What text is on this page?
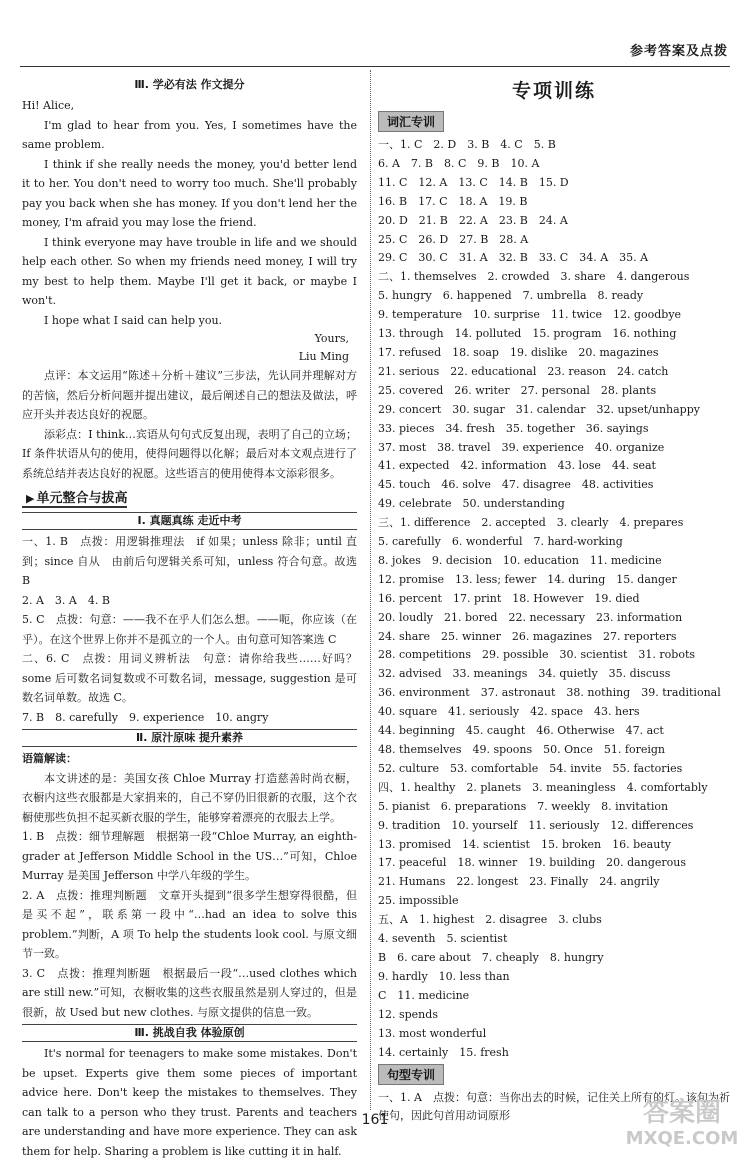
参考答案及点拨
Ⅲ. 学必有法 作文提分

Hi! Alice,

I'm glad to hear from you. Yes, I sometimes have the same problem.

I think if she really needs the money, you'd better lend it to her. You don't need to worry too much. She'll probably pay you back when she has money. If you don't lend her the money, I'm afraid you may lose the friend.

I think everyone may have trouble in life and we should help each other. So when my friends need money, I will try my best to help them. Maybe I'll get it back, or maybe I won't.

I hope what I said can help you.

Yours,

Liu Ming

点评：本文运用“陈述＋分析＋建议”三步法，先认同并理解对方的苦恼，然后分析问题并提出建议，最后阐述自己的想法及做法，呼应开头并表达良好的祝愿。

添彩点：I think…宾语从句句式反复出现，表明了自己的立场；If 条件状语从句的使用，使得问题得以化解；最后对本文观点进行了系统总结并表达良好的祝愿。这些语言的使用使得本文添彩很多。

▶ 单元整合与拔高 Ⅰ. 真题真练 走近中考

一、1. B　点拨：用逻辑推理法　if 如果；unless 除非；until 直到；since 自从　由前后句逻辑关系可知，unless 符合句意。故选 B

2. A　3. A　4. B

5. C　点拨：句意：——我不在乎人们怎么想。——呃，你应该（在乎）。在这个世界上你并不是孤立的一个人。由句意可知答案选 C

二、6. C　点拨：用词义辨析法　句意：请你给我些……好吗？some 后可数名词复数或不可数名词，message, suggestion 是可数名词单数。故选 C。

7. B　8. carefully　9. experience　10. angry

Ⅱ. 原汁原味 提升素养

语篇解读：

本文讲述的是：美国女孩 Chloe Murray 打造慈善时尚衣橱，衣橱内这些衣服都是大家捐来的，自己不穿仍旧很新的衣服，这个衣橱使那些负担不起买新衣服的学生，能够穿着漂亮的衣服去上学。

1. B　点拨：细节理解题　根据第一段“Chloe Murray, an eighth-grader at Jefferson Middle School in the US…”可知，Chloe Murray 是美国 Jefferson 中学八年级的学生。

2. A　点拨：推理判断题　文章开头提到“很多学生想穿得很酷，但是买不起”，联系第一段中“…had an idea to solve this problem.”判断，A 项 To help the students look cool. 与原文细节一致。

3. C　点拨：推理判断题　根据最后一段“…used clothes which are still new.”可知，衣橱收集的这些衣服虽然是别人穿过的，但是很新，故 Used but new clothes. 与原文提供的信息一致。

Ⅲ. 挑战自我 体验原创

It's normal for teenagers to make some mistakes. Don't be upset. Experts give them some pieces of important advice here. Don't keep the mistakes to themselves. They can talk to a person who they trust. Parents and teachers are understanding and have more experience. They can ask them for help. Sharing a problem is like cutting it in half.

专项训练
词汇专训

一、1. C　2. D　3. B　4. C　5. B

6. A　7. B　8. C　9. B　10. A

11. C　12. A　13. C　14. B　15. D

16. B　17. C　18. A　19. B

20. D　21. B　22. A　23. B　24. A

25. C　26. D　27. B　28. A

29. C　30. C　31. A　32. B　33. C　34. A　35. A

二、1. themselves　2. crowded　3. share　4. dangerous

5. hungry　6. happened　7. umbrella　8. ready

9. temperature　10. surprise　11. twice　12. goodbye

13. through　14. polluted　15. program　16. nothing

17. refused　18. soap　19. dislike　20. magazines

21. serious　22. educational　23. reason　24. catch

25. covered　26. writer　27. personal　28. plants

29. concert　30. sugar　31. calendar　32. upset/unhappy

33. pieces　34. fresh　35. together　36. sayings

37. most　38. travel　39. experience　40. organize

41. expected　42. information　43. lose　44. seat

45. touch　46. solve　47. disagree　48. activities

49. celebrate　50. understanding

三、1. difference　2. accepted　3. clearly　4. prepares

5. carefully　6. wonderful　7. hard-working

8. jokes　9. decision　10. education　11. medicine

12. promise　13. less; fewer　14. during　15. danger

16. percent　17. print　18. However　19. died

20. loudly　21. bored　22. necessary　23. information

24. share　25. winner　26. magazines　27. reporters

28. competitions　29. possible　30. scientist　31. robots

32. advised　33. meanings　34. quietly　35. discuss

36. environment　37. astronaut　38. nothing　39. traditional

40. square　41. seriously　42. space　43. hers

44. beginning　45. caught　46. Otherwise　47. act

48. themselves　49. spoons　50. Once　51. foreign

52. culture　53. comfortable　54. invite　55. factories

四、1. healthy　2. planets　3. meaningless　4. comfortably

5. pianist　6. preparations　7. weekly　8. invitation

9. tradition　10. yourself　11. seriously　12. differences

13. promised　14. scientist　15. broken　16. beauty

17. peaceful　18. winner　19. building　20. dangerous

21. Humans　22. longest　23. Finally　24. angrily

25. impossible

五、A　1. highest　2. disagree　3. clubs

4. seventh　5. scientist

B　6. care about　7. cheaply　8. hungry

9. hardly　10. less than

C　11. medicine

12. spends

13. most wonderful

14. certainly　15. fresh

句型专训

一、1. A　点拨：句意：当你出去的时候，记住关上所有的灯。该句为祈使句，因此句首用动词原形

161	答案圈
MXQE.COM
